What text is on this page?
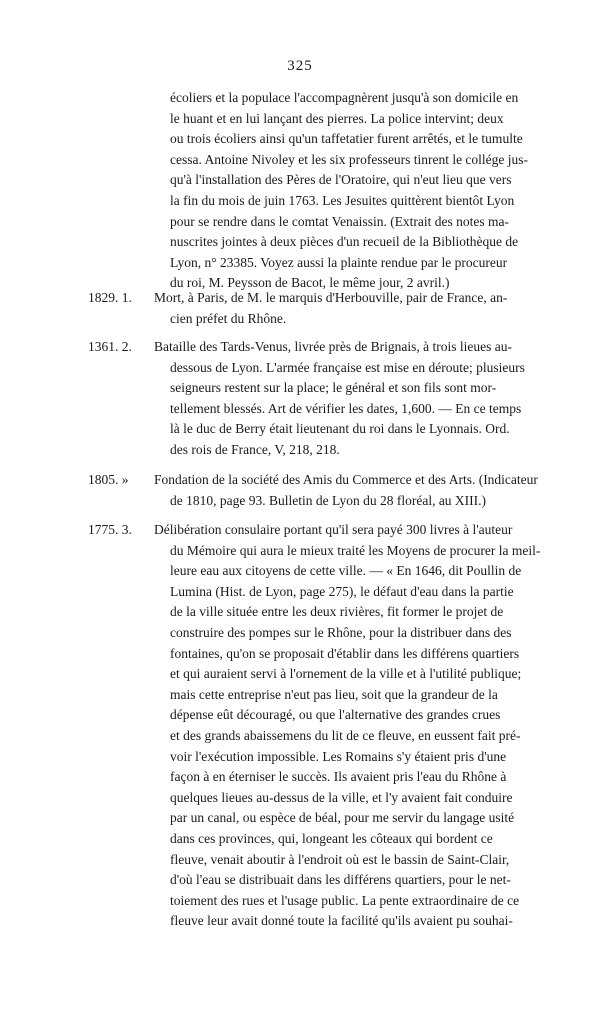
325
écoliers et la populace l'accompagnèrent jusqu'à son domicile en
le huant et en lui lançant des pierres. La police intervint; deux
ou trois écoliers ainsi qu'un taffetatier furent arrêtés, et le tumulte
cessa. Antoine Nivoley et les six professeurs tinrent le collége jus-
qu'à l'installation des Pères de l'Oratoire, qui n'eut lieu que vers
la fin du mois de juin 1763. Les Jesuites quittèrent bientôt Lyon
pour se rendre dans le comtat Venaissin. (Extrait des notes ma-
nuscrites jointes à deux pièces d'un recueil de la Bibliothèque de
Lyon, n° 23385. Voyez aussi la plainte rendue par le procureur
du roi, M. Peysson de Bacot, le même jour, 2 avril.)
1829. 1. Mort, à Paris, de M. le marquis d'Herbouville, pair de France, an-
cien préfet du Rhône.
1361. 2. Bataille des Tards-Venus, livrée près de Brignais, à trois lieues au-
dessous de Lyon. L'armée française est mise en déroute; plusieurs
seigneurs restent sur la place; le général et son fils sont mor-
tellement blessés. Art de vérifier les dates, 1,600. — En ce temps
là le duc de Berry était lieutenant du roi dans le Lyonnais. Ord.
des rois de France, V, 218, 218.
1805. » Fondation de la société des Amis du Commerce et des Arts. (Indicateur
de 1810, page 93. Bulletin de Lyon du 28 floréal, au XIII.)
1775. 3. Délibération consulaire portant qu'il sera payé 300 livres à l'auteur
du Mémoire qui aura le mieux traité les Moyens de procurer la meil-
leure eau aux citoyens de cette ville. — « En 1646, dit Poullin de
Lumina (Hist. de Lyon, page 275), le défaut d'eau dans la partie
de la ville située entre les deux rivières, fit former le projet de
construire des pompes sur le Rhône, pour la distribuer dans des
fontaines, qu'on se proposait d'établir dans les différens quartiers
et qui auraient servi à l'ornement de la ville et à l'utilité publique;
mais cette entreprise n'eut pas lieu, soit que la grandeur de la
dépense eût découragé, ou que l'alternative des grandes crues
et des grands abaissemens du lit de ce fleuve, en eussent fait pré-
voir l'exécution impossible. Les Romains s'y étaient pris d'une
façon à en éterniser le succès. Ils avaient pris l'eau du Rhône à
quelques lieues au-dessus de la ville, et l'y avaient fait conduire
par un canal, ou espèce de béal, pour me servir du langage usité
dans ces provinces, qui, longeant les côteaux qui bordent ce
fleuve, venait aboutir à l'endroit où est le bassin de Saint-Clair,
d'où l'eau se distribuait dans les différens quartiers, pour le net-
toiement des rues et l'usage public. La pente extraordinaire de ce
fleuve leur avait donné toute la facilité qu'ils avaient pu souhai-
